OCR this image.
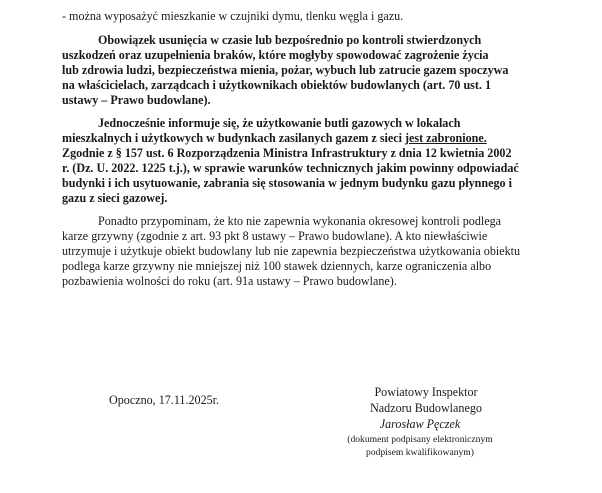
- można wyposażyć mieszkanie w czujniki dymu, tlenku węgla i gazu.
Obowiązek usunięcia w czasie lub bezpośrednio po kontroli stwierdzonych
uszkodzeń oraz uzupełnienia braków, które mogłyby spowodować zagrożenie życia
lub zdrowia ludzi, bezpieczeństwa mienia, pożar, wybuch lub zatrucie gazem spoczywa
na właścicielach, zarządcach i użytkownikach obiektów budowlanych (art. 70 ust. 1
ustawy – Prawo budowlane).
Jednocześnie informuje się, że użytkowanie butli gazowych w lokalach
mieszkalnych i użytkowych w budynkach zasilanych gazem z sieci jest zabronione.
Zgodnie z § 157 ust. 6 Rozporządzenia Ministra Infrastruktury z dnia 12 kwietnia 2002
r. (Dz. U. 2022. 1225 t.j.), w sprawie warunków technicznych jakim powinny odpowiadać
budynki i ich usytuowanie, zabrania się stosowania w jednym budynku gazu płynnego i
gazu z sieci gazowej.
Ponadto przypominam, że kto nie zapewnia wykonania okresowej kontroli podlega
karze grzywny (zgodnie z art. 93 pkt 8 ustawy – Prawo budowlane). A kto niewłaściwie
utrzymuje i użytkuje obiekt budowlany lub nie zapewnia bezpieczeństwa użytkowania obiektu
podlega karze grzywny nie mniejszej niż 100 stawek dziennych, karze ograniczenia albo
pozbawienia wolności do roku (art. 91a ustawy – Prawo budowlane).
Opoczno, 17.11.2025r.
Powiatowy Inspektor
Nadzoru Budowlanego
Jarosław Pęczek
(dokument podpisany elektronicznym
podpisem kwalifikowanym)
